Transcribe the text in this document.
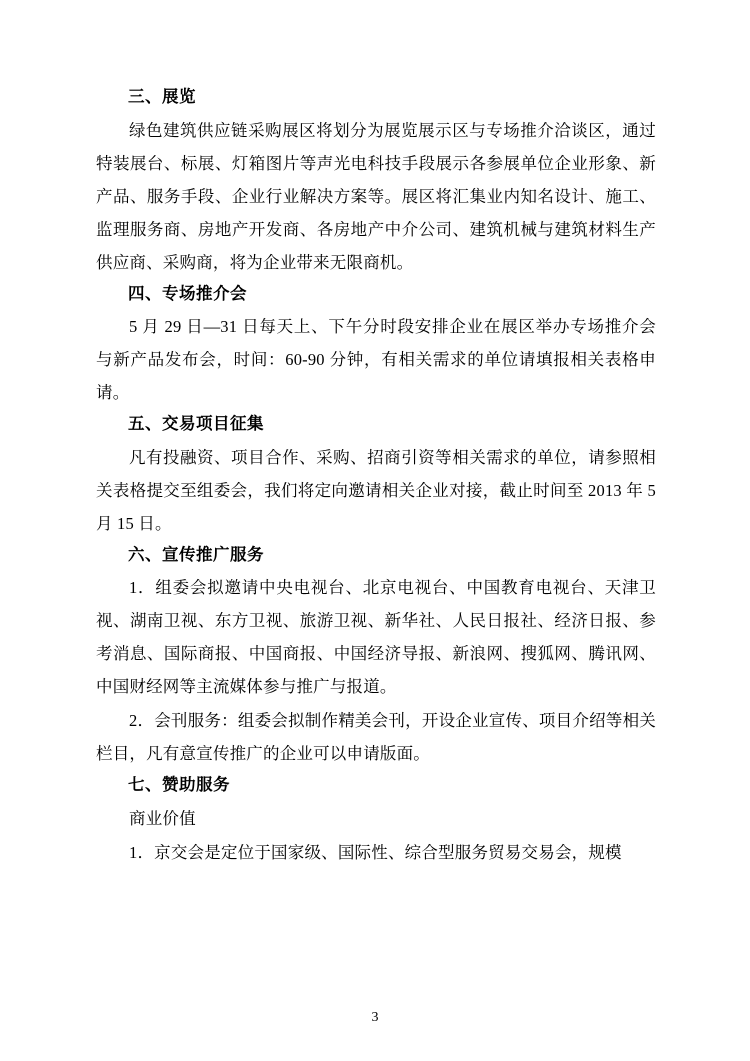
三、展览

绿色建筑供应链采购展区将划分为展览展示区与专场推介洽谈区，通过特装展台、标展、灯箱图片等声光电科技手段展示各参展单位企业形象、新产品、服务手段、企业行业解决方案等。展区将汇集业内知名设计、施工、监理服务商、房地产开发商、各房地产中介公司、建筑机械与建筑材料生产供应商、采购商，将为企业带来无限商机。

四、专场推介会

5 月 29 日—31 日每天上、下午分时段安排企业在展区举办专场推介会与新产品发布会，时间：60-90 分钟，有相关需求的单位请填报相关表格申请。

五、交易项目征集

凡有投融资、项目合作、采购、招商引资等相关需求的单位，请参照相关表格提交至组委会，我们将定向邀请相关企业对接，截止时间至 2013 年 5 月 15 日。

六、宣传推广服务

1．组委会拟邀请中央电视台、北京电视台、中国教育电视台、天津卫视、湖南卫视、东方卫视、旅游卫视、新华社、人民日报社、经济日报、参考消息、国际商报、中国商报、中国经济导报、新浪网、搜狐网、腾讯网、中国财经网等主流媒体参与推广与报道。

2．会刊服务：组委会拟制作精美会刊，开设企业宣传、项目介绍等相关栏目，凡有意宣传推广的企业可以申请版面。

七、赞助服务

商业价值

1．京交会是定位于国家级、国际性、综合型服务贸易交易会，规模

3
